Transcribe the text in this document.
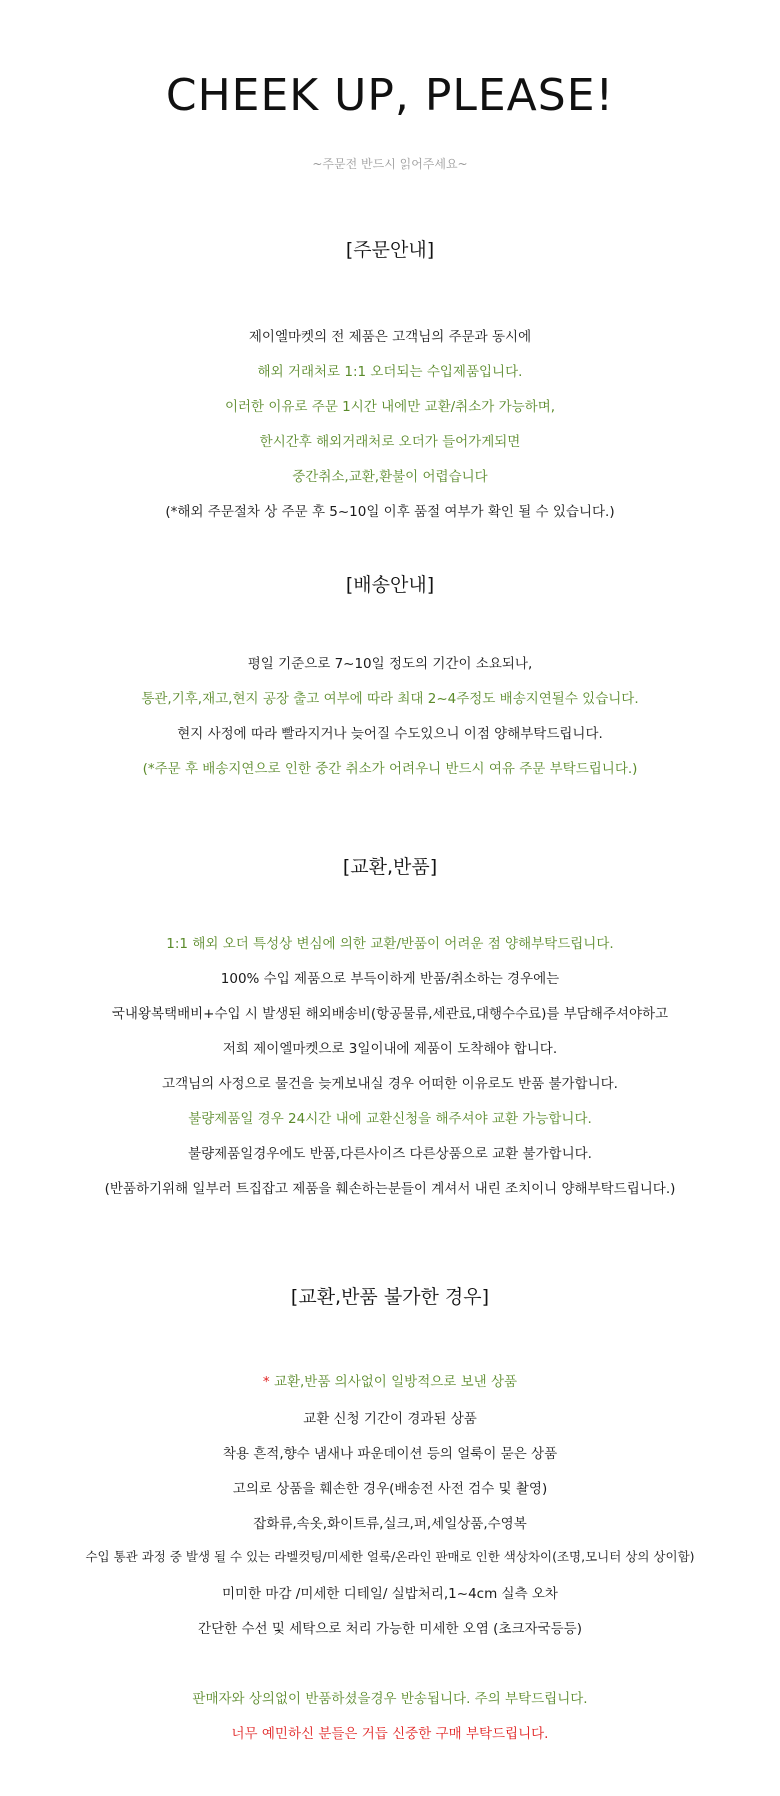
CHEEK UP, PLEASE!
~주문전 반드시 읽어주세요~
[주문안내]
제이엘마켓의 전 제품은 고객님의 주문과 동시에
해외 거래처로 1:1 오더되는 수입제품입니다.
이러한 이유로 주문 1시간 내에만 교환/취소가 가능하며,
한시간후 해외거래처로 오더가 들어가게되면
중간취소,교환,환불이 어렵습니다
(*해외 주문절차 상 주문 후 5~10일 이후 품절 여부가 확인 될 수 있습니다.)
[배송안내]
평일 기준으로 7~10일 정도의 기간이 소요되나,
통관,기후,재고,현지 공장 출고 여부에 따라 최대 2~4주정도 배송지연될수 있습니다.
현지 사정에 따라 빨라지거나 늦어질 수도있으니 이점 양해부탁드립니다.
(*주문 후 배송지연으로 인한 중간 취소가 어려우니 반드시 여유 주문 부탁드립니다.)
[교환,반품]
1:1 해외 오더 특성상 변심에 의한 교환/반품이 어려운 점 양해부탁드립니다.
100% 수입 제품으로 부득이하게 반품/취소하는 경우에는
국내왕복택배비+수입 시 발생된 해외배송비(항공물류,세관료,대행수수료)를 부담해주셔야하고
저희 제이엘마켓으로 3일이내에 제품이 도착해야 합니다.
고객님의 사정으로 물건을 늦게보내실 경우 어떠한 이유로도 반품 불가합니다.
불량제품일 경우 24시간 내에 교환신청을 해주셔야 교환 가능합니다.
불량제품일경우에도 반품,다른사이즈 다른상품으로 교환 불가합니다.
(반품하기위해 일부러 트집잡고 제품을 훼손하는분들이 계셔서 내린 조치이니 양해부탁드립니다.)
[교환,반품 불가한 경우]
* 교환,반품 의사없이 일방적으로 보낸 상품
교환 신청 기간이 경과된 상품
착용 흔적,향수 냄새나 파운데이션 등의 얼룩이 묻은 상품
고의로 상품을 훼손한 경우(배송전 사전 검수 및 촬영)
잡화류,속옷,화이트류,실크,퍼,세일상품,수영복
수입 통관 과정 중 발생 될 수 있는 라벨컷팅/미세한 얼룩/온라인 판매로 인한 색상차이(조명,모니터 상의 상이함)
미미한 마감 /미세한 디테일/ 실밥처리,1~4cm 실측 오차
간단한 수선 및 세탁으로 처리 가능한 미세한 오염 (초크자국등등)
판매자와 상의없이 반품하셨을경우 반송됩니다. 주의 부탁드립니다.
너무 예민하신 분들은 거듭 신중한 구매 부탁드립니다.
